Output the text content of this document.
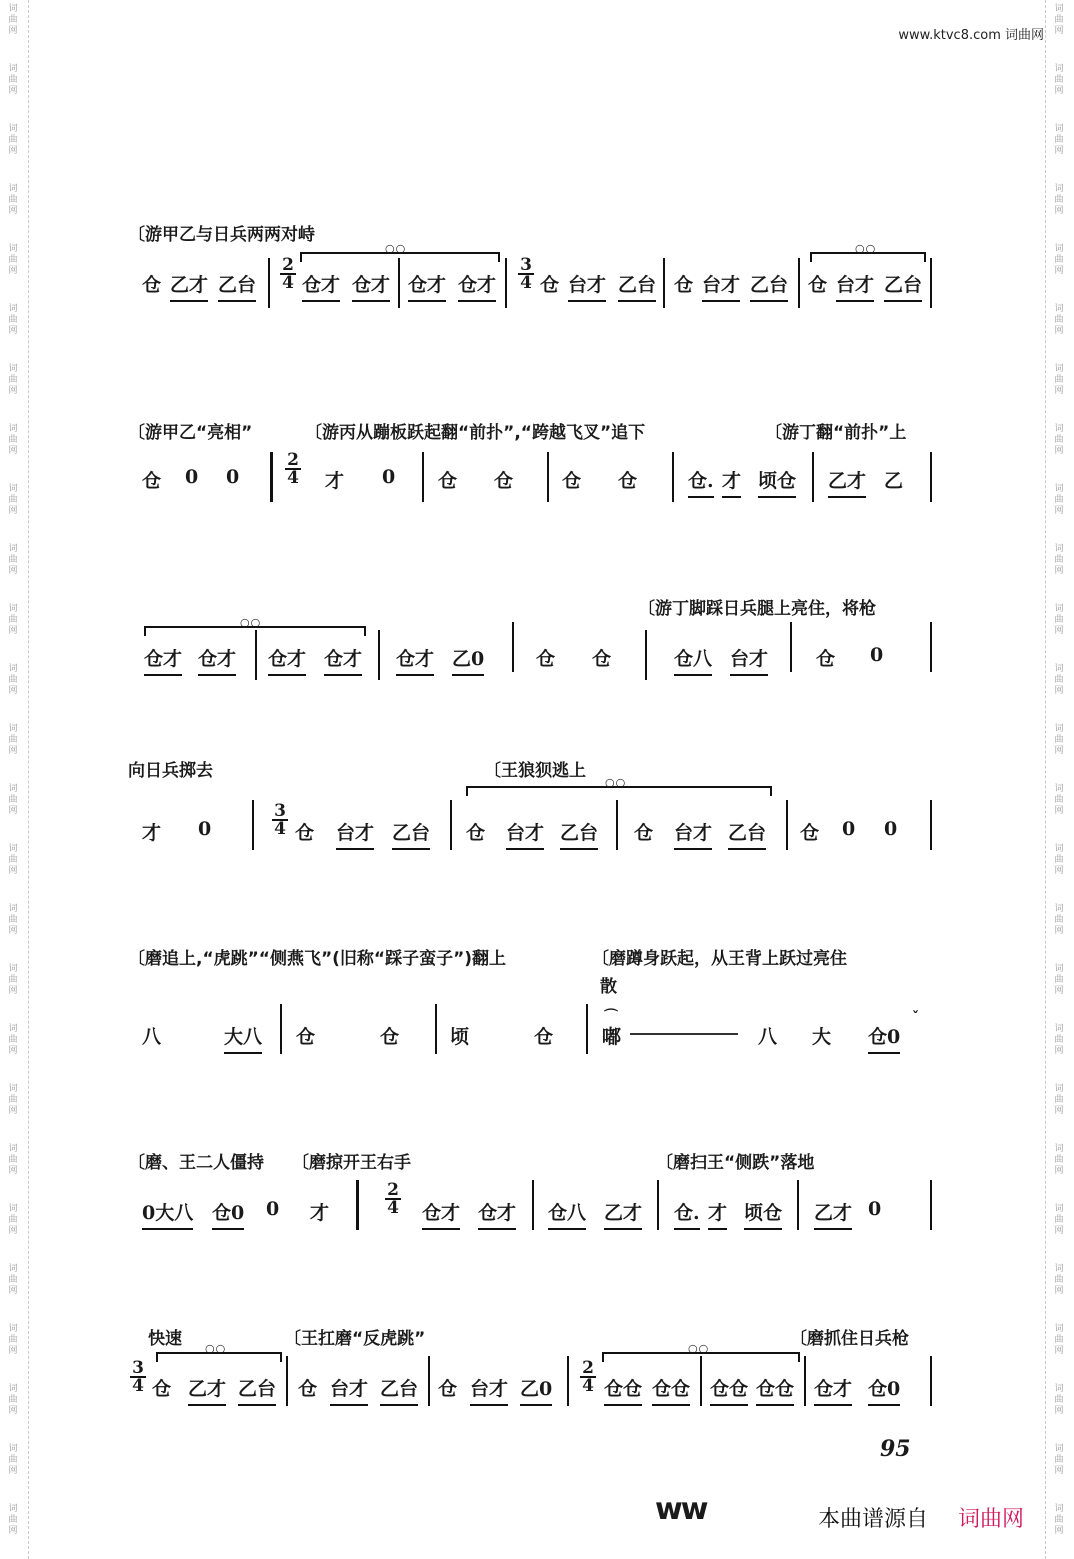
词
曲
网
词
曲
网
词
曲
网
词
曲
网
词
曲
网
词
曲
网
词
曲
网
词
曲
网
词
曲
网
词
曲
网
词
曲
网
词
曲
网
词
曲
网
词
曲
网
词
曲
网
词
曲
网
词
曲
网
词
曲
网
词
曲
网
词
曲
网
词
曲
网
词
曲
网
词
曲
网
词
曲
网
词
曲
网
词
曲
网
词
曲
网
词
曲
网
词
曲
网
词
曲
网
词
曲
网
词
曲
网
词
曲
网
词
曲
网
词
曲
网
词
曲
网
词
曲
网
词
曲
网
词
曲
网
词
曲
网
词
曲
网
词
曲
网
词
曲
网
词
曲
网
词
曲
网
词
曲
网
词
曲
网
词
曲
网
词
曲
网
词
曲
网
词
曲
网
词
曲
网
www.ktvc8.com 词曲网
〔游甲乙与日兵两两对峙
仓 乙才 乙台
2
4
○○
仓才 仓才 仓才 仓才
3
4 仓 台才 乙台 仓 台才 乙台
○○
仓 台才 乙台
〔游甲乙“亮相”	〔游丙从蹦板跃起翻“前扑”,“跨越飞叉”追下	〔游丁翻“前扑”上
仓 0 0
2
4 才 0 仓 仓	仓 仓	仓. 才 顷仓 乙才 乙
〔游丁脚踩日兵腿上亮住，将枪
○○
仓才 仓才 仓才 仓才 仓才 乙0	仓 仓	仓八 台才	仓 0
向日兵掷去	〔王狼狈逃上
○○
才 0
3
4 仓 台才 乙台 仓 台才 乙台 仓 台才 乙台 仓 0 0
〔磨追上,“虎跳”“侧燕飞”(旧称“踩子蛮子”)翻上	〔磨蹲身跃起，从王背上跃过亮住
散
八	大八 仓	仓	顷	仓
⌒
嘟	八 大 仓0
ˇ
〔磨、王二人僵持 〔磨掠开王右手	〔磨扫王“侧跌”落地
0大八 仓0 0 才
2
4 仓才 仓才 仓八 乙才 仓. 才 顷仓 乙才 0
快速	〔王扛磨“反虎跳”	〔磨抓住日兵枪
3
4
○○
仓 乙才 乙台 仓 台才 乙台 仓 台才 乙0
2
4
○○
仓仓 仓仓 仓仓 仓仓 仓才 仓0
95
ww	本曲谱源自 词曲网
